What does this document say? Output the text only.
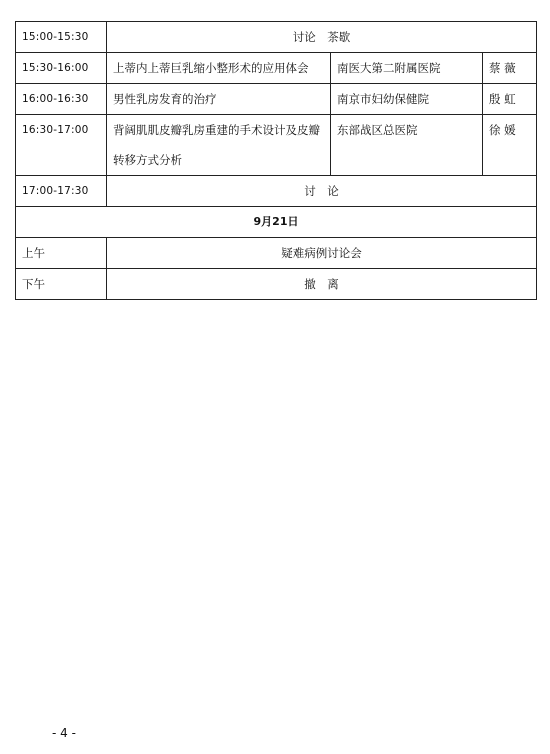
15:00-15:30	讨论　茶歇		
15:30-16:00	上蒂内上蒂巨乳缩小整形术的应用体会	南医大第二附属医院	蔡 薇
16:00-16:30	男性乳房发育的治疗	南京市妇幼保健院	殷 虹
16:30-17:00	背阔肌肌皮瓣乳房重建的手术设计及皮瓣转移方式分析	东部战区总医院	徐 媛
17:00-17:30	讨　论		
9月21日			
上午	疑难病例讨论会		
下午	撤　离		
- 4 -
